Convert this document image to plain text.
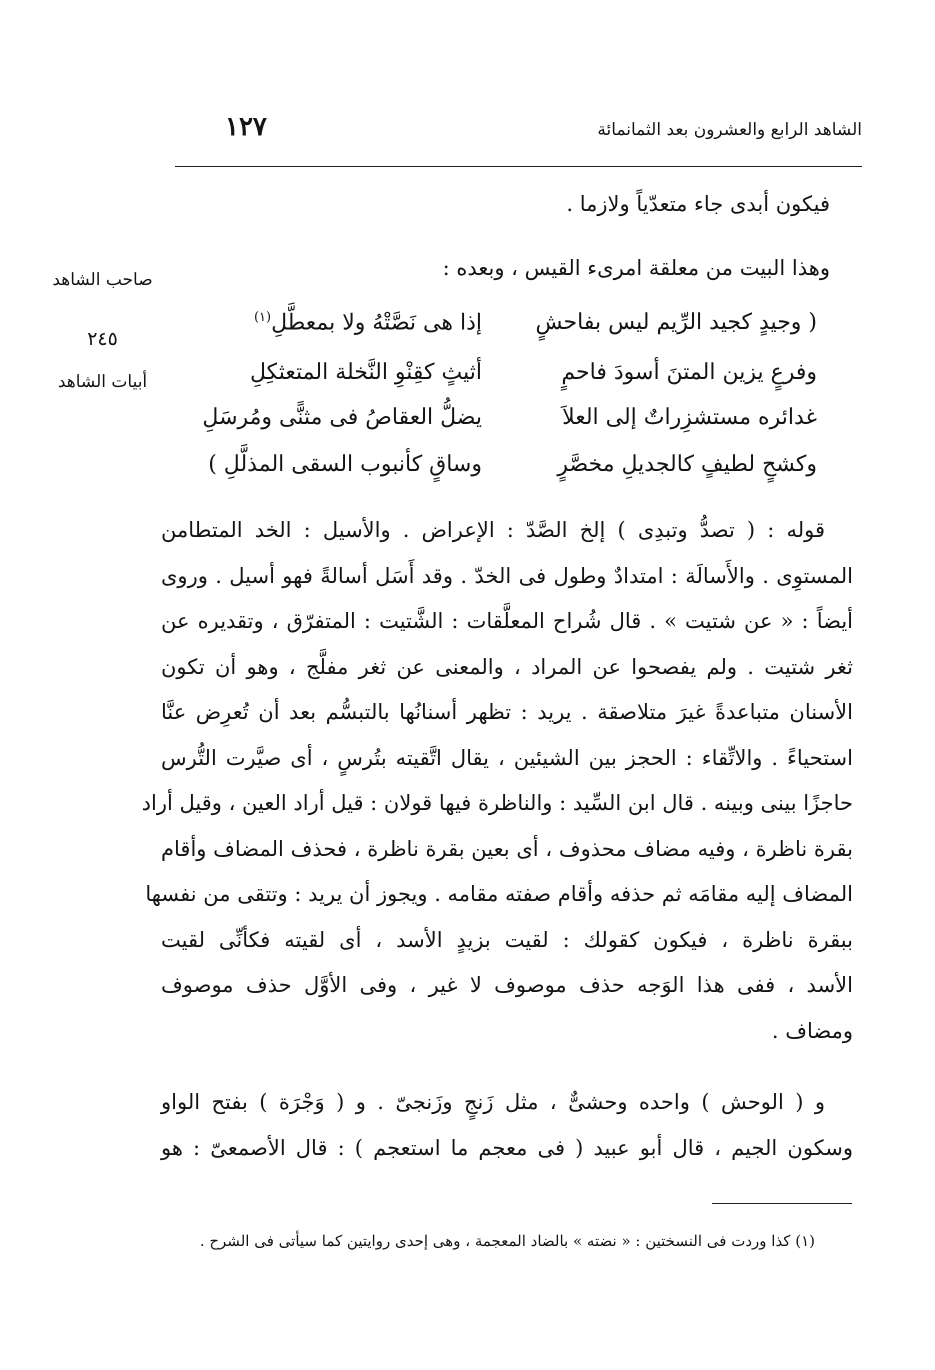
الشاهد الرابع والعشرون بعد الثمانمائة
١٢٧
فيكون أبدى جاء متعدّياً ولازما .
وهذا البيت من معلقة امرىء القيس ، وبعده :
صاحب الشاهد
٢٤٥
أبيات الشاهد
( وجيدٍ كجيد الرِّيم ليس بفاحشٍ
إذا هى نَصَّتْهُ ولا بمعطَّلِ$^{(١)}$
وفرعٍ يزين المتنَ أسودَ فاحمٍ
أثيثٍ كقِنْوِ النَّخلة المتعثكِلِ
غدائره مستشزِراتٌ إلى العلاَ
يضلُّ العقاصُ فى مثنًّى ومُرسَلِ
وكشحٍ لطيفٍ كالجديلِ مخصَّرٍ
وساقٍ كأنبوب السقى المذلَّلِ )
قوله : ( تصدُّ وتبدِى ) إلخ الصَّدّ : الإعراض . والأسيل : الخد المتطامن
المستوِى . والأَسالَة : امتدادٌ وطول فى الخدّ . وقد أَسَل أسالةً فهو أسيل . وروى
أيضاً : « عن شتيت » . قال شُراح المعلَّقات : الشَّتيت : المتفرّق ، وتقديره عن
ثغر شتيت . ولم يفصحوا عن المراد ، والمعنى عن ثغر مفلَّج ، وهو أن تكون
الأسنان متباعدةً غيرَ متلاصقة . يريد : تظهر أسنانُها بالتبسُّم بعد أن تُعرِض عنَّا
استحياءً . والاتِّقاء : الحجز بين الشيئين ، يقال اتَّقيته بتُرسٍ ، أى صيَّرت التُّرس
حاجزًا بينى وبينه . قال ابن السِّيد : والناظرة فيها قولان : قيل أراد العين ، وقيل أراد
بقرة ناظرة ، وفيه مضاف محذوف ، أى بعين بقرة ناظرة ، فحذف المضاف وأقام
المضاف إليه مقامَه ثم حذفه وأقام صفته مقامه . ويجوز أن يريد : وتتقى من نفسها
ببقرة ناظرة ، فيكون كقولك : لقيت بزيدٍ الأسد ، أى لقيته فكأنِّى لقيت
الأسد ، ففى هذا الوَجه حذف موصوف لا غير ، وفى الأوَّل حذف موصوف
ومضاف .
و ( الوحش ) واحده وحشىٌّ ، مثل زَنجٍ وزَنجىّ . و ( وَجْرَة ) بفتح الواو
وسكون الجيم ، قال أبو عبيد ( فى معجم ما استعجم ) : قال الأصمعىّ : هو
(١) كذا وردت فى النسختين : « نضته » بالضاد المعجمة ، وهى إحدى روايتين كما سيأتى فى الشرح .
